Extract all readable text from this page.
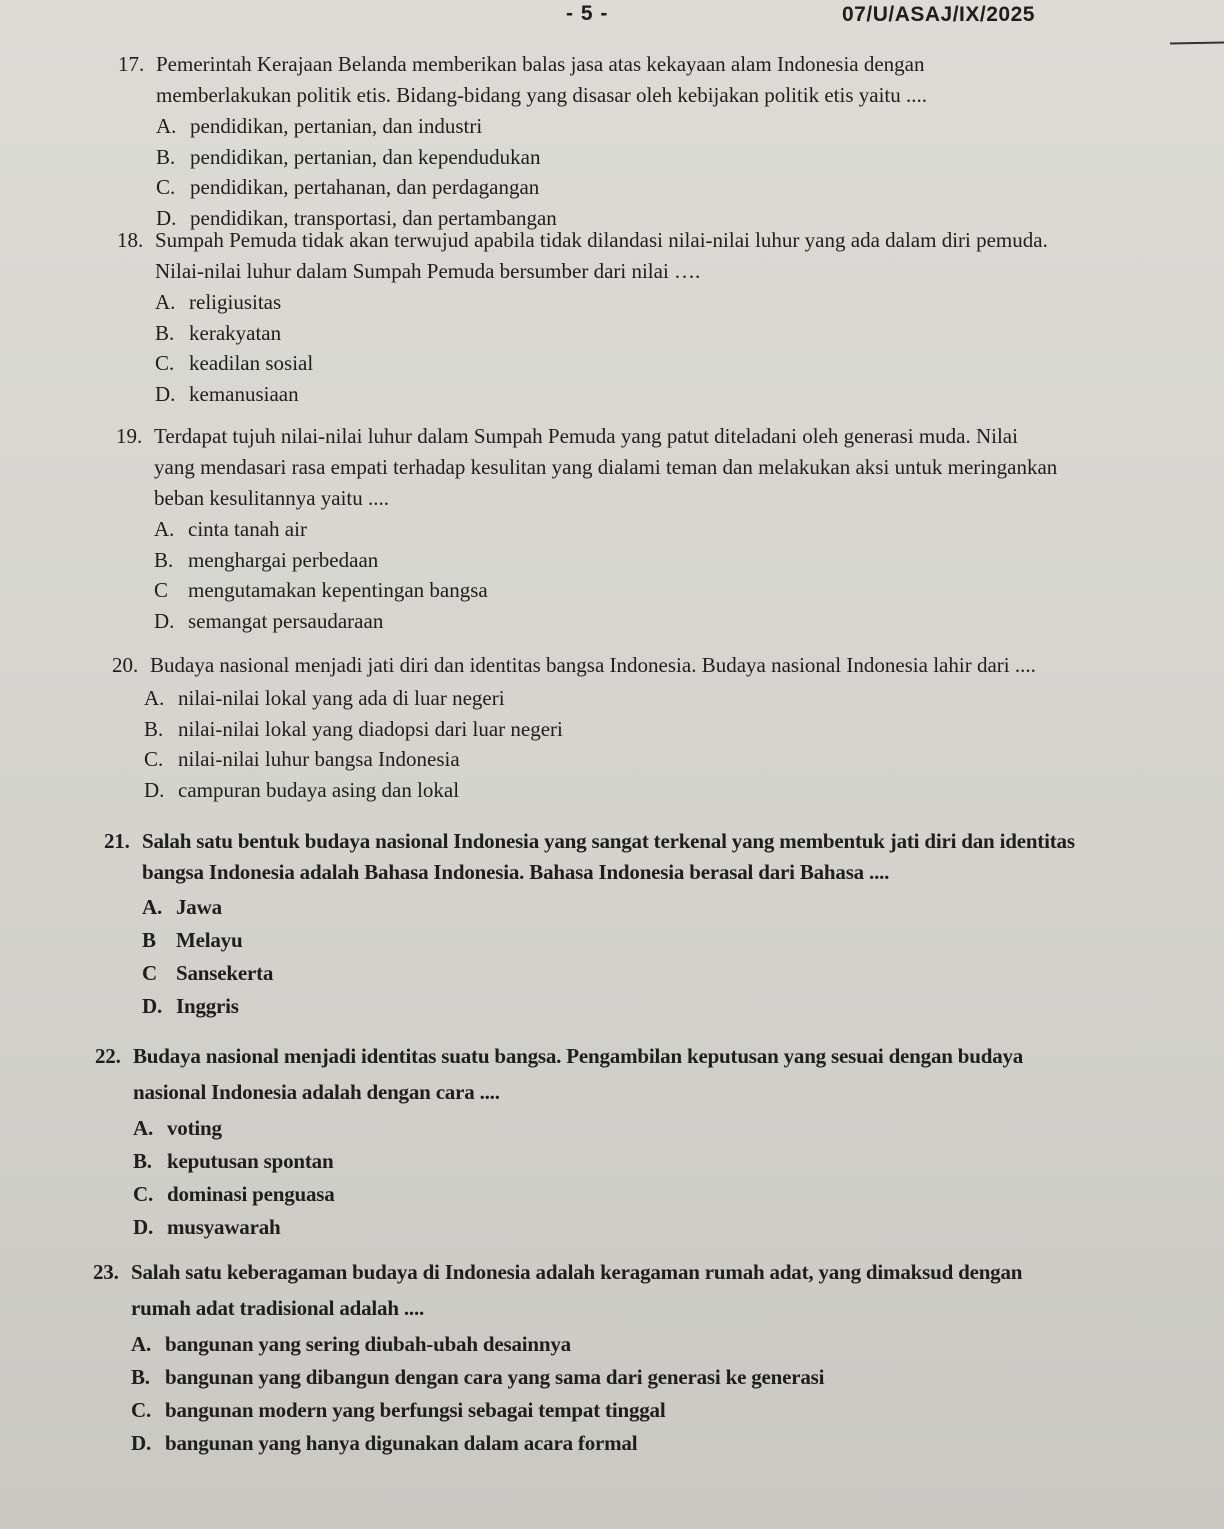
- 5 -	07/U/ASAJ/IX/2025

17. Pemerintah Kerajaan Belanda memberikan balas jasa atas kekayaan alam Indonesia dengan
memberlakukan politik etis. Bidang-bidang yang disasar oleh kebijakan politik etis yaitu ....

A. pendidikan, pertanian, dan industri
B. pendidikan, pertanian, dan kependudukan
C. pendidikan, pertahanan, dan perdagangan
D. pendidikan, transportasi, dan pertambangan

18. Sumpah Pemuda tidak akan terwujud apabila tidak dilandasi nilai-nilai luhur yang ada dalam diri pemuda.
Nilai-nilai luhur dalam Sumpah Pemuda bersumber dari nilai ….

A. religiusitas
B. kerakyatan
C. keadilan sosial
D. kemanusiaan

19. Terdapat tujuh nilai-nilai luhur dalam Sumpah Pemuda yang patut diteladani oleh generasi muda. Nilai
yang mendasari rasa empati terhadap kesulitan yang dialami teman dan melakukan aksi untuk meringankan
beban kesulitannya yaitu ....

A. cinta tanah air
B. menghargai perbedaan
C mengutamakan kepentingan bangsa
D. semangat persaudaraan

20. Budaya nasional menjadi jati diri dan identitas bangsa Indonesia. Budaya nasional Indonesia lahir dari ....

A. nilai-nilai lokal yang ada di luar negeri
B. nilai-nilai lokal yang diadopsi dari luar negeri
C. nilai-nilai luhur bangsa Indonesia
D. campuran budaya asing dan lokal

21. Salah satu bentuk budaya nasional Indonesia yang sangat terkenal yang membentuk jati diri dan identitas
bangsa Indonesia adalah Bahasa Indonesia. Bahasa Indonesia berasal dari Bahasa ....

A. Jawa
B Melayu
C Sansekerta
D. Inggris

22. Budaya nasional menjadi identitas suatu bangsa. Pengambilan keputusan yang sesuai dengan budaya
nasional Indonesia adalah dengan cara ....

A. voting
B. keputusan spontan
C. dominasi penguasa
D. musyawarah

23. Salah satu keberagaman budaya di Indonesia adalah keragaman rumah adat, yang dimaksud dengan
rumah adat tradisional adalah ....

A. bangunan yang sering diubah-ubah desainnya
B. bangunan yang dibangun dengan cara yang sama dari generasi ke generasi
C. bangunan modern yang berfungsi sebagai tempat tinggal
D. bangunan yang hanya digunakan dalam acara formal
